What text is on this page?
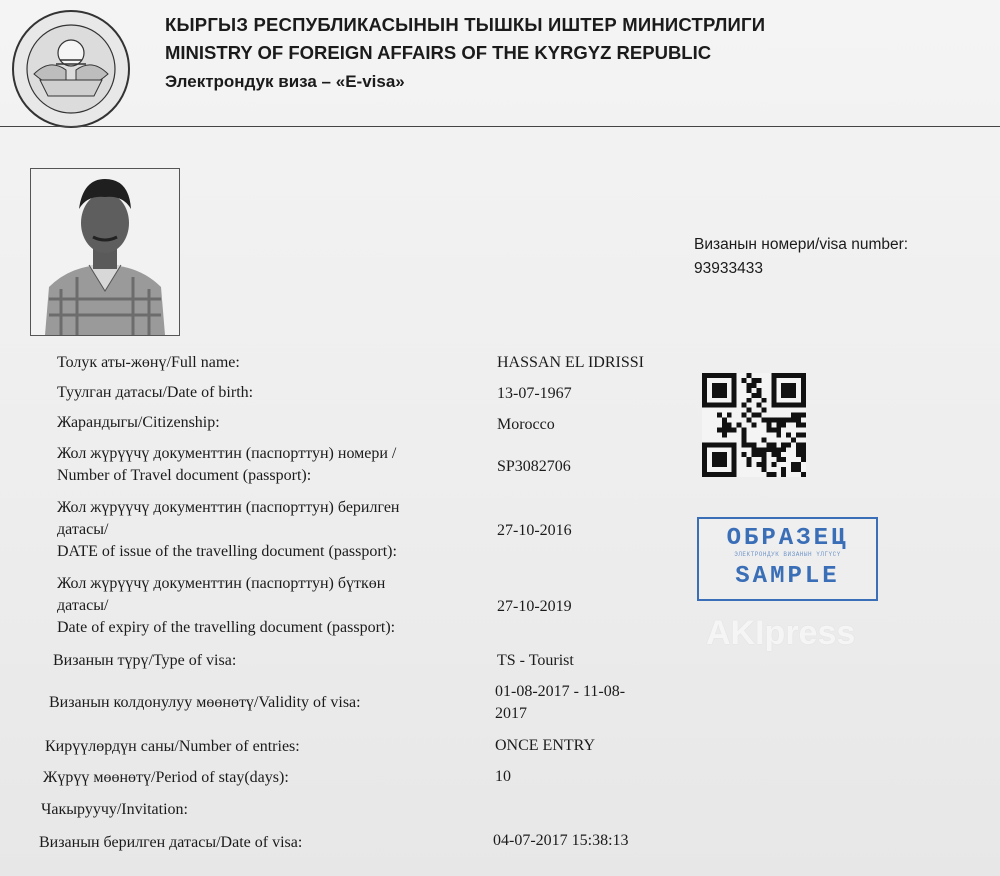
КЫРГЫЗ РЕСПУБЛИКАСЫНЫН ТЫШКЫ ИШТЕР МИНИСТРЛИГИ
MINISTRY OF FOREIGN AFFAIRS OF THE KYRGYZ REPUBLIC
Электрондук виза – «E-visa»
Визанын номери/visa number:
93933433
ОБРАЗЕЦ
ЭЛЕКТРОНДУК ВИЗАНЫН ҮЛГҮСҮ
SAMPLE
AKIpress
Толук аты-жөнү/Full name:	HASSAN EL IDRISSI
Туулган датасы/Date of birth:	13-07-1967
Жарандыгы/Citizenship:	Morocco
Жол жүрүүчү документтин (паспорттун) номери /
Number of Travel document (passport):
SP3082706
Жол жүрүүчү документтин (паспорттун) берилген
датасы/
DATE of issue of the travelling document (passport):
27-10-2016
Жол жүрүүчү документтин (паспорттун) бүткөн
датасы/
Date of expiry of the travelling document (passport):
27-10-2019
Визанын түрү/Type of visa:	TS - Tourist
Визанын колдонулуу мөөнөтү/Validity of visa:
01-08-2017 - 11-08-
2017
Кирүүлөрдүн саны/Number of entries:	ONCE ENTRY
Жүрүү мөөнөтү/Period of stay(days):	10
Чакыруучу/Invitation:
Визанын берилген датасы/Date of visa:	04-07-2017 15:38:13
